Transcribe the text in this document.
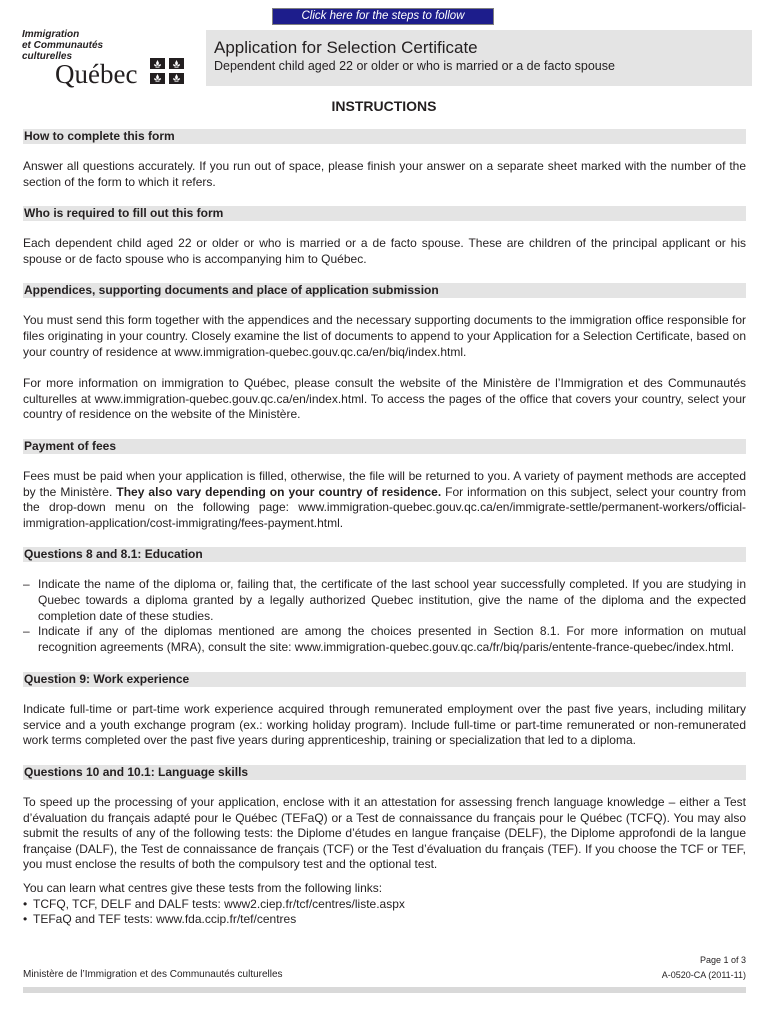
Click here for the steps to follow
Immigration
et Communautés
culturelles
Québec
Application for Selection Certificate

Dependent child aged 22 or older or who is married or a de facto spouse

INSTRUCTIONS
How to complete this form

Answer all questions accurately. If you run out of space, please finish your answer on a separate sheet marked with the number of the section of the form to which it refers.

Who is required to fill out this form

Each dependent child aged 22 or older or who is married or a de facto spouse. These are children of the principal applicant or his spouse or de facto spouse who is accompanying him to Québec.

Appendices, supporting documents and place of application submission

You must send this form together with the appendices and the necessary supporting documents to the immigration office responsible for files originating in your country. Closely examine the list of documents to append to your Application for a Selection Certificate, based on your country of residence at www.immigration-quebec.gouv.qc.ca/en/biq/index.html.

For more information on immigration to Québec, please consult the website of the Ministère de l’Immigration et des Communautés culturelles at www.immigration-quebec.gouv.qc.ca/en/index.html. To access the pages of the office that covers your country, select your country of residence on the website of the Ministère.

Payment of fees

Fees must be paid when your application is filled, otherwise, the file will be returned to you. A variety of payment methods are accepted by the Ministère. They also vary depending on your country of residence. For information on this subject, select your country from the drop-down menu on the following page: www.immigration-quebec.gouv.qc.ca/en/immigrate-settle/permanent-workers/official-immigration-application/cost-immigrating/fees-payment.html.

Questions 8 and 8.1: Education
– Indicate the name of the diploma or, failing that, the certificate of the last school year successfully completed. If you are studying in Quebec towards a diploma granted by a legally authorized Quebec institution, give the name of the diploma and the expected completion date of these studies.
– Indicate if any of the diplomas mentioned are among the choices presented in Section 8.1. For more information on mutual recognition agreements (MRA), consult the site: www.immigration-quebec.gouv.qc.ca/fr/biq/paris/entente-france-quebec/index.html.
Question 9: Work experience

Indicate full-time or part-time work experience acquired through remunerated employment over the past five years, including military service and a youth exchange program (ex.: working holiday program). Include full-time or part-time remunerated or non-remunerated work terms completed over the past five years during apprenticeship, training or specialization that led to a diploma.

Questions 10 and 10.1: Language skills

To speed up the processing of your application, enclose with it an attestation for assessing french language knowledge – either a Test d’évaluation du français adapté pour le Québec (TEFaQ) or a Test de connaissance du français pour le Québec (TCFQ). You may also submit the results of any of the following tests: the Diplome d’études en langue française (DELF), the Diplome approfondi de la langue française (DALF), the Test de connaissance de français (TCF) or the Test d’évaluation du français (TEF). If you choose the TCF or TEF, you must enclose the results of both the compulsory test and the optional test.

You can learn what centres give these tests from the following links:

• TCFQ, TCF, DELF and DALF tests: www2.ciep.fr/tcf/centres/liste.aspx
• TEFaQ and TEF tests: www.fda.ccip.fr/tef/centres
Page 1 of 3
Ministère de l’Immigration et des Communautés culturelles	A-0520-CA (2011-11)
